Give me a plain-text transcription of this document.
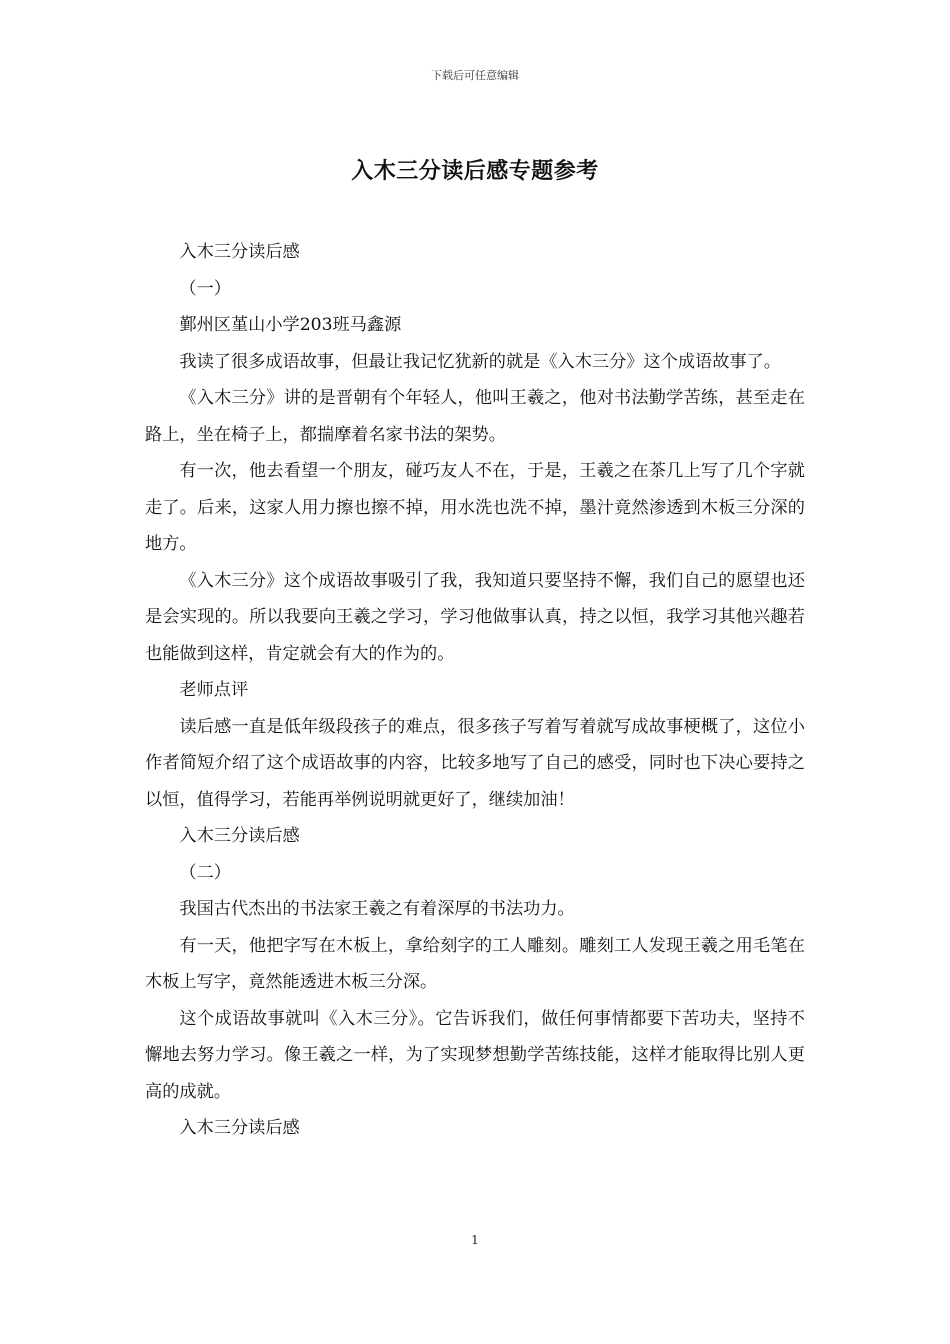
下载后可任意编辑
入木三分读后感专题参考

入木三分读后感

（一）

鄞州区堇山小学203班马鑫源

我读了很多成语故事，但最让我记忆犹新的就是《入木三分》这个成语故事了。

《入木三分》讲的是晋朝有个年轻人，他叫王羲之，他对书法勤学苦练，甚至走在路上，坐在椅子上，都揣摩着名家书法的架势。

有一次，他去看望一个朋友，碰巧友人不在，于是，王羲之在茶几上写了几个字就走了。后来，这家人用力擦也擦不掉，用水洗也洗不掉，墨汁竟然渗透到木板三分深的地方。

《入木三分》这个成语故事吸引了我，我知道只要坚持不懈，我们自己的愿望也还是会实现的。所以我要向王羲之学习，学习他做事认真，持之以恒，我学习其他兴趣若也能做到这样，肯定就会有大的作为的。

老师点评

读后感一直是低年级段孩子的难点，很多孩子写着写着就写成故事梗概了，这位小作者简短介绍了这个成语故事的内容，比较多地写了自己的感受，同时也下决心要持之以恒，值得学习，若能再举例说明就更好了，继续加油！

入木三分读后感

（二）

我国古代杰出的书法家王羲之有着深厚的书法功力。

有一天，他把字写在木板上，拿给刻字的工人雕刻。雕刻工人发现王羲之用毛笔在木板上写字，竟然能透进木板三分深。

这个成语故事就叫《入木三分》。它告诉我们，做任何事情都要下苦功夫，坚持不懈地去努力学习。像王羲之一样，为了实现梦想勤学苦练技能，这样才能取得比别人更高的成就。

入木三分读后感

1
